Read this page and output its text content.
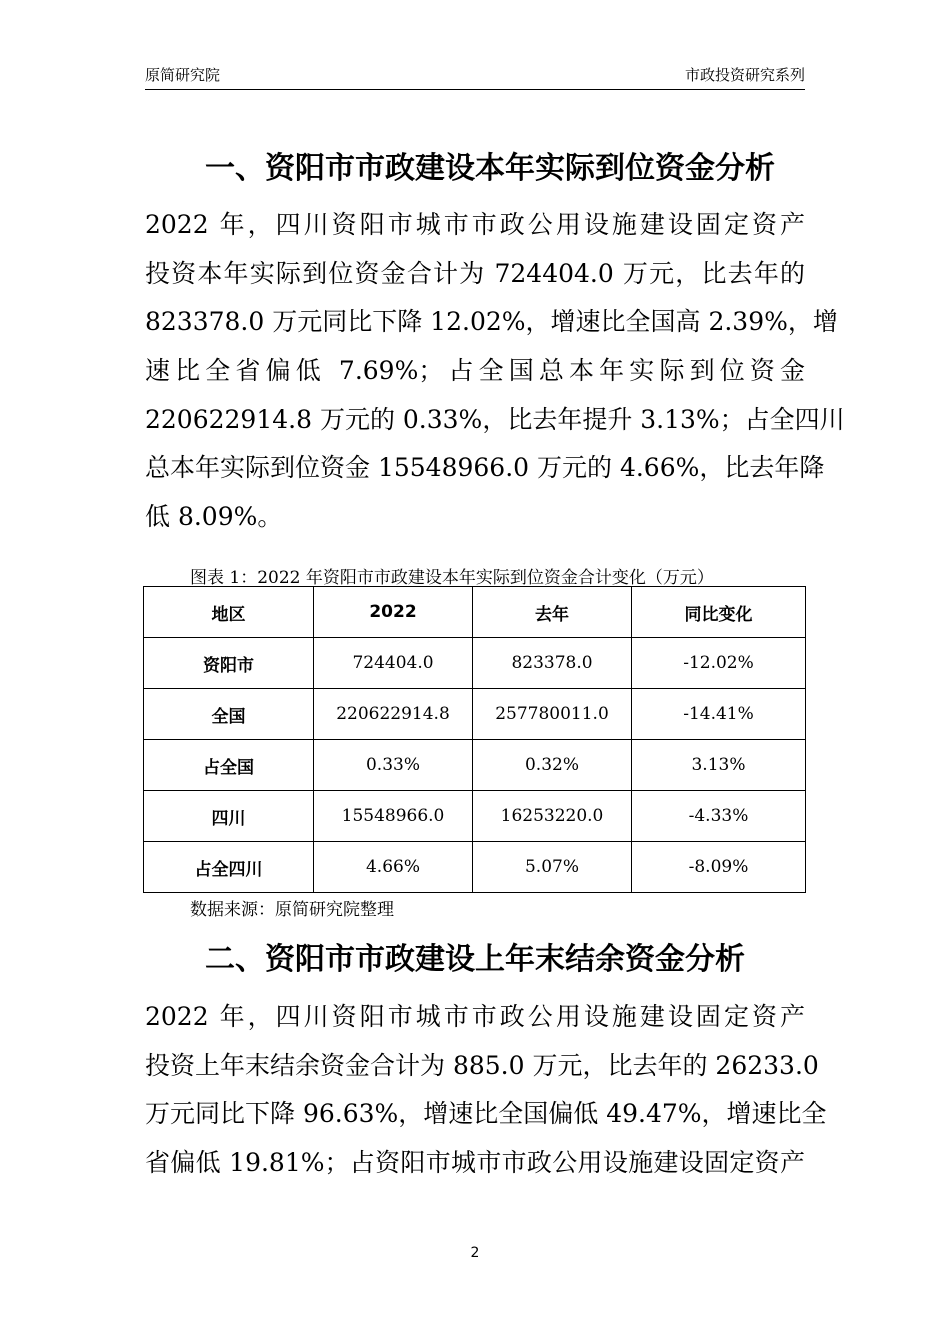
原简研究院	市政投资研究系列
一、资阳市市政建设本年实际到位资金分析
2022 年，四川资阳市城市市政公用设施建设固定资产
投资本年实际到位资金合计为 724404.0 万元，比去年的
823378.0 万元同比下降 12.02%，增速比全国高 2.39%，增
速比全省偏低 7.69%；占全国总本年实际到位资金
220622914.8 万元的 0.33%，比去年提升 3.13%；占全四川
总本年实际到位资金 15548966.0 万元的 4.66%，比去年降
低 8.09%。
图表 1：2022 年资阳市市政建设本年实际到位资金合计变化（万元）
地区	2022	去年	同比变化
资阳市	724404.0	823378.0	-12.02%
全国	220622914.8	257780011.0	-14.41%
占全国	0.33%	0.32%	3.13%
四川	15548966.0	16253220.0	-4.33%
占全四川	4.66%	5.07%	-8.09%
数据来源：原简研究院整理
二、资阳市市政建设上年末结余资金分析
2022 年，四川资阳市城市市政公用设施建设固定资产
投资上年末结余资金合计为 885.0 万元，比去年的 26233.0
万元同比下降 96.63%，增速比全国偏低 49.47%，增速比全
省偏低 19.81%；占资阳市城市市政公用设施建设固定资产
2
